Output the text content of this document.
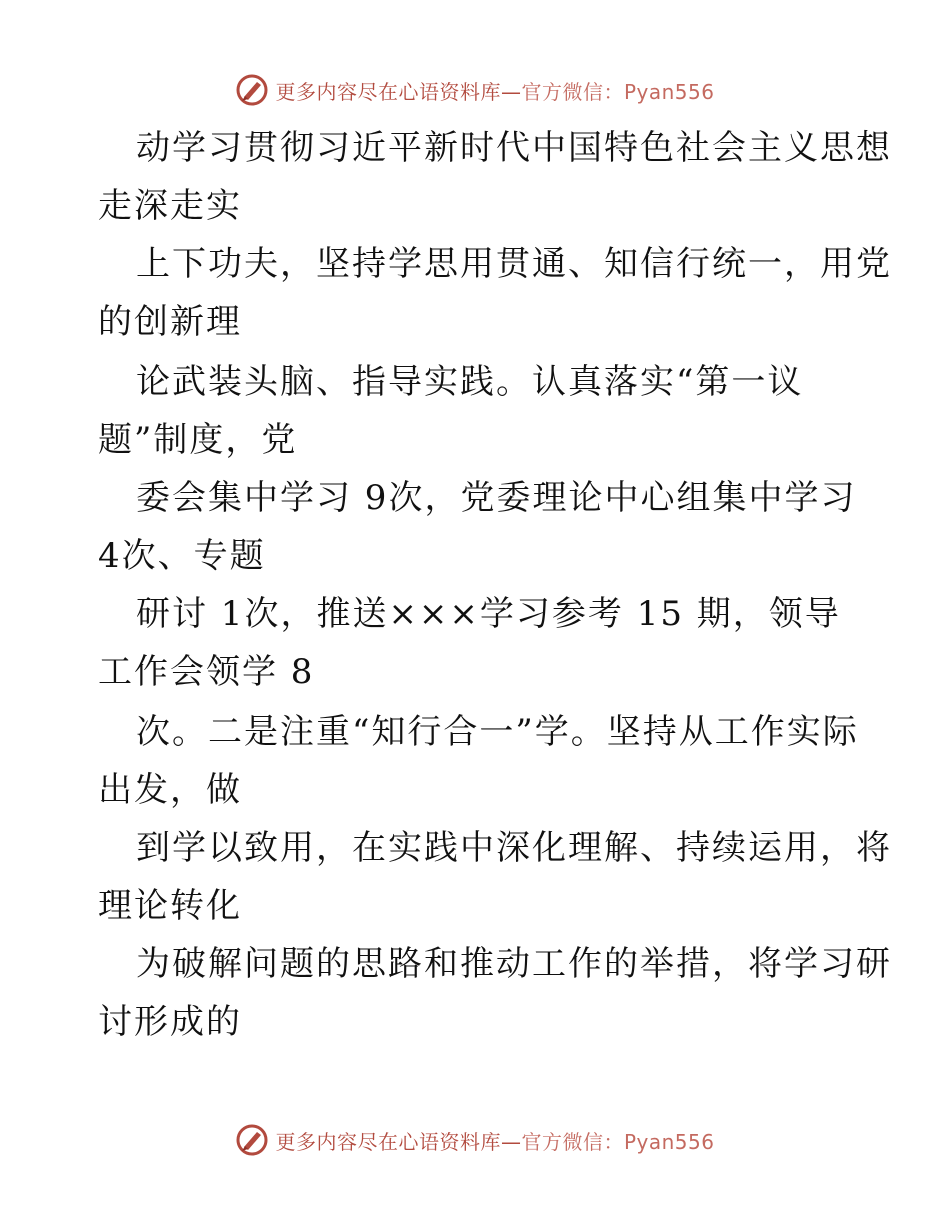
更多内容尽在心语资料库—官方微信：Pyan556
动学习贯彻习近平新时代中国特色社会主义思想
走深走实
上下功夫，坚持学思用贯通、知信行统一，用党
的创新理
论武装头脑、指导实践。认真落实“第一议
题”制度，党
委会集中学习 9次，党委理论中心组集中学习
4次、专题
研讨 1次，推送×××学习参考 15 期，领导
工作会领学 8
次。二是注重“知行合一”学。坚持从工作实际
出发，做
到学以致用，在实践中深化理解、持续运用，将
理论转化
为破解问题的思路和推动工作的举措，将学习研
讨形成的
更多内容尽在心语资料库—官方微信：Pyan556
